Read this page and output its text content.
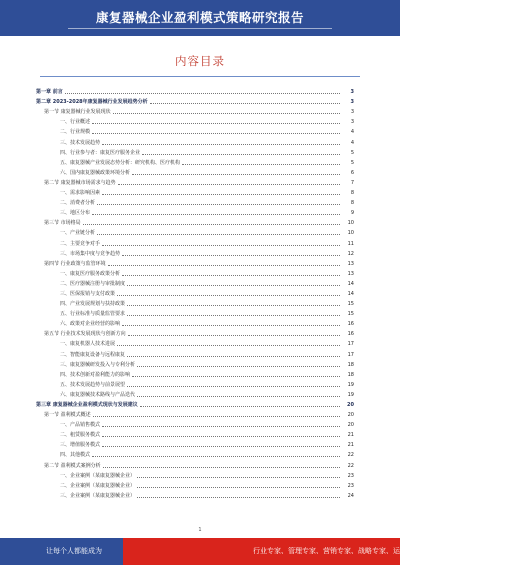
康复器械企业盈利模式策略研究报告
内容目录
第一章 前言	3
第二章 2023-2028年康复器械行业发展趋势分析	3
第一节 康复器械行业发展现状	3
一、行业概述	3
二、行业规模	4
三、技术发展趋势	4
四、行业参与者：康复医疗服务企业	5
五、康复器械产业发展态势分析：研究机构、医疗机构	5
六、国内康复器械政策环境分析	6
第二节 康复器械市场需求与趋势	7
一、需求影响因素	8
二、消费者分析	8
三、地区分布	9
第三节 市场格局	10
一、产业链分析	10
二、主要竞争对手	11
三、市场集中度与竞争趋势	12
第四节 行业政策与监管环境	13
一、康复医疗服务政策分析	13
二、医疗器械注册与审批制度	14
三、医保报销与支付政策	14
四、产业发展规划与扶持政策	15
五、行业标准与质量监管要求	15
六、政策对企业经营的影响	16
第五节 行业技术发展现状与创新方向	16
一、康复机器人技术进展	17
二、智能康复设备与远程康复	17
三、康复器械研发投入与专利分析	18
四、技术创新对盈利能力的影响	18
五、技术发展趋势与前景展望	19
六、康复器械技术路线与产品迭代	19
第三章 康复器械企业盈利模式现状与发展建议	20
第一节 盈利模式概述	20
一、产品销售模式	20
二、租赁服务模式	21
三、增值服务模式	21
四、其他模式	22
第二节 盈利模式案例分析	22
一、企业案例（某康复器械企业）	23
二、企业案例（某康复器械企业）	23
三、企业案例（某康复器械企业）	24
1
让每个人都能成为	行业专家、管理专家、营销专家、战略专家、运营专家……
